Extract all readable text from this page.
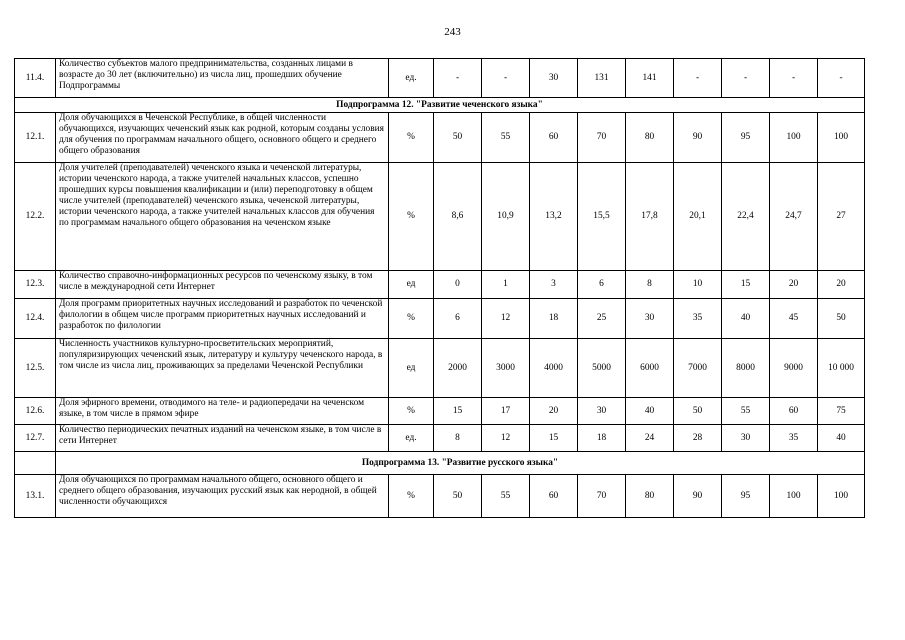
243
11.4.	Количество субъектов малого предпринимательства, созданных лицами в возрасте до 30 лет (включительно) из числа лиц, прошедших обучение Подпрограммы	ед.	-	-	30	131	141	-	-	-	-
Подпрограмма 12. "Развитие чеченского языка"											
12.1.	Доля обучающихся в Чеченской Республике, в общей численности обучающихся, изучающих чеченский язык как родной, которым созданы условия для обучения по программам начального общего, основного общего и среднего общего образования	%	50	55	60	70	80	90	95	100	100
12.2.	Доля учителей (преподавателей) чеченского языка и чеченской литературы, истории чеченского народа, а также учителей начальных классов, успешно прошедших курсы повышения квалификации и (или) переподготовку в общем числе учителей (преподавателей) чеченского языка, чеченской литературы, истории чеченского народа, а также учителей начальных классов для обучения по программам начального общего образования на чеченском языке	%	8,6	10,9	13,2	15,5	17,8	20,1	22,4	24,7	27
12.3.	Количество справочно-информационных ресурсов по чеченскому языку, в том числе в международной сети Интернет	ед	0	1	3	6	8	10	15	20	20
12.4.	Доля программ приоритетных научных исследований и разработок по чеченской филологии в общем числе программ приоритетных научных исследований и разработок по филологии	%	6	12	18	25	30	35	40	45	50
12.5.	Численность участников культурно-просветительских мероприятий, популяризирующих чеченский язык, литературу и культуру чеченского народа, в том числе из числа лиц, проживающих за пределами Чеченской Республики	ед	2000	3000	4000	5000	6000	7000	8000	9000	10 000
12.6.	Доля эфирного времени, отводимого на теле- и радиопередачи на чеченском языке, в том числе в прямом эфире	%	15	17	20	30	40	50	55	60	75
12.7.	Количество периодических печатных изданий на чеченском языке, в том числе в сети Интернет	ед.	8	12	15	18	24	28	30	35	40
	Подпрограмма 13. "Развитие русского языка"										
13.1.	Доля обучающихся по программам начального общего, основного общего и среднего общего образования, изучающих русский язык как неродной, в общей численности обучающихся	%	50	55	60	70	80	90	95	100	100
